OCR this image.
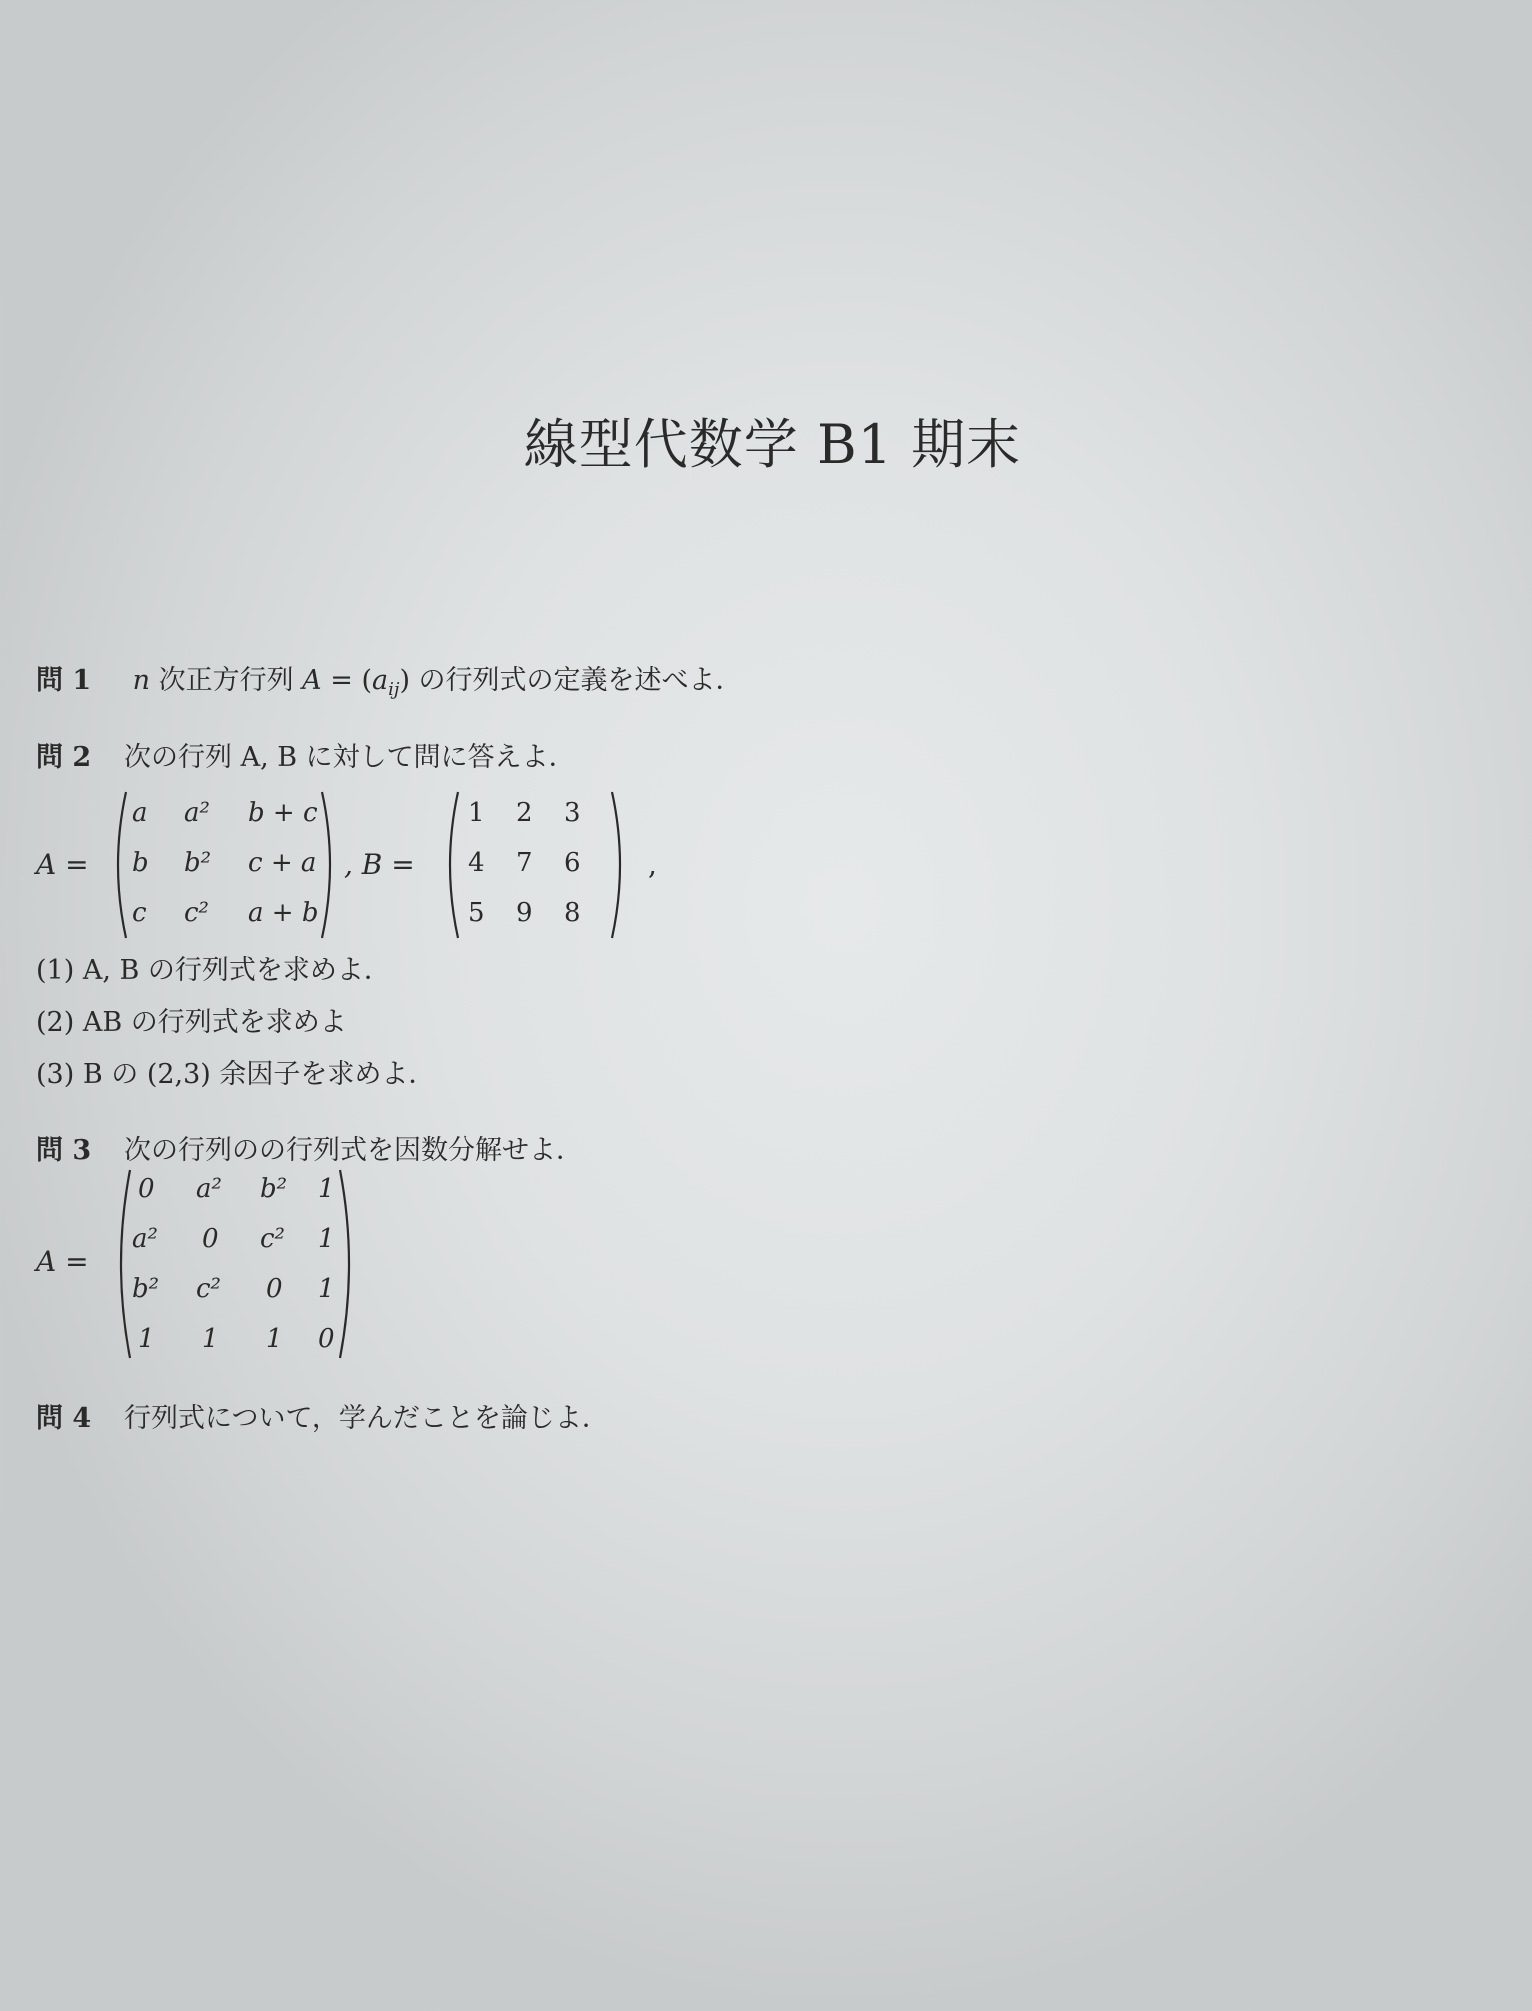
線型代数学 B1 期末
問 1 n 次正方行列 $A = (a_{ij})$ の行列式の定義を述べよ．
問 2 次の行列 A, B に対して問に答えよ．
A =
a a² b + c
b b² c + a
c c² a + b
, B =
1 2 3
4 7 6
5 9 8
,
(1) A, B の行列式を求めよ．
(2) AB の行列式を求めよ
(3) B の (2,3) 余因子を求めよ．
問 3 次の行列のの行列式を因数分解せよ．
A =
0 a² b² 1
a² 0 c² 1
b² c² 0 1
1 1 1 0
問 4 行列式について，学んだことを論じよ．
